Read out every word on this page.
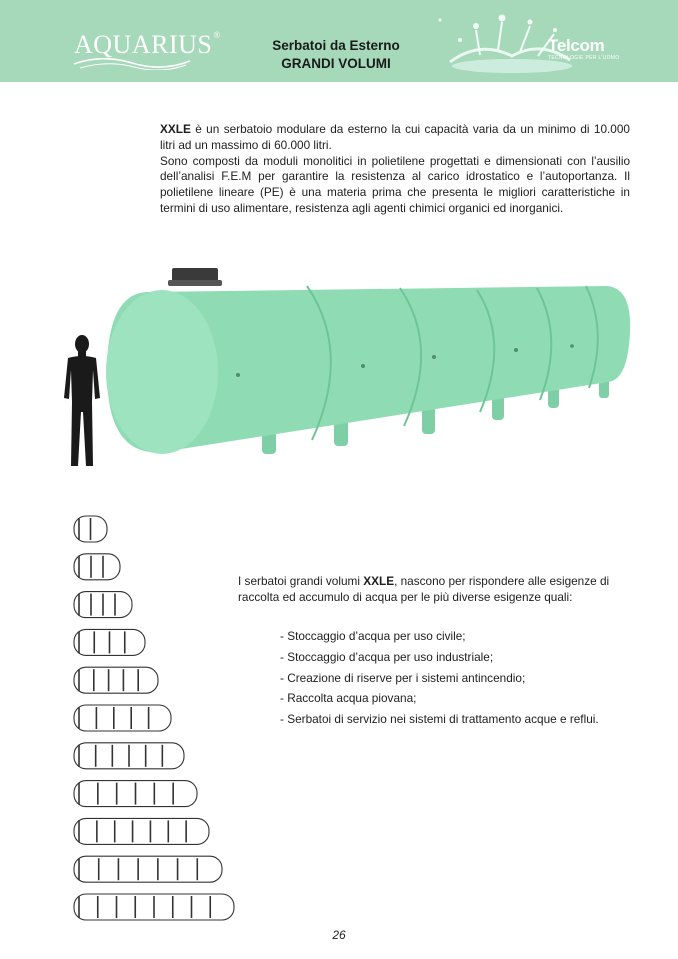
AQUARIUS®
Serbatoi da Esterno
GRANDI VOLUMI
Telcom
TECNOLOGIE PER L'UOMO

XXLE è un serbatoio modulare da esterno la cui capacità varia da un minimo di 10.000 litri ad un massimo di 60.000 litri.

Sono composti da moduli monolitici in polietilene progettati e dimensionati con l’ausilio dell’analisi F.E.M per garantire la resistenza al carico idrostatico e l’autoportanza. Il polietilene lineare (PE) è una materia prima che presenta le migliori caratteristiche in termini di uso alimentare, resistenza agli agenti chimici organici ed inorganici.

I serbatoi grandi volumi XXLE, nascono per rispondere alle esigenze di raccolta ed accumulo di acqua per le più diverse esigenze quali:

- Stoccaggio d’acqua per uso civile;
- Stoccaggio d’acqua per uso industriale;
- Creazione di riserve per i sistemi antincendio;
- Raccolta acqua piovana;
- Serbatoi di servizio nei sistemi di trattamento acque e reflui.
26
